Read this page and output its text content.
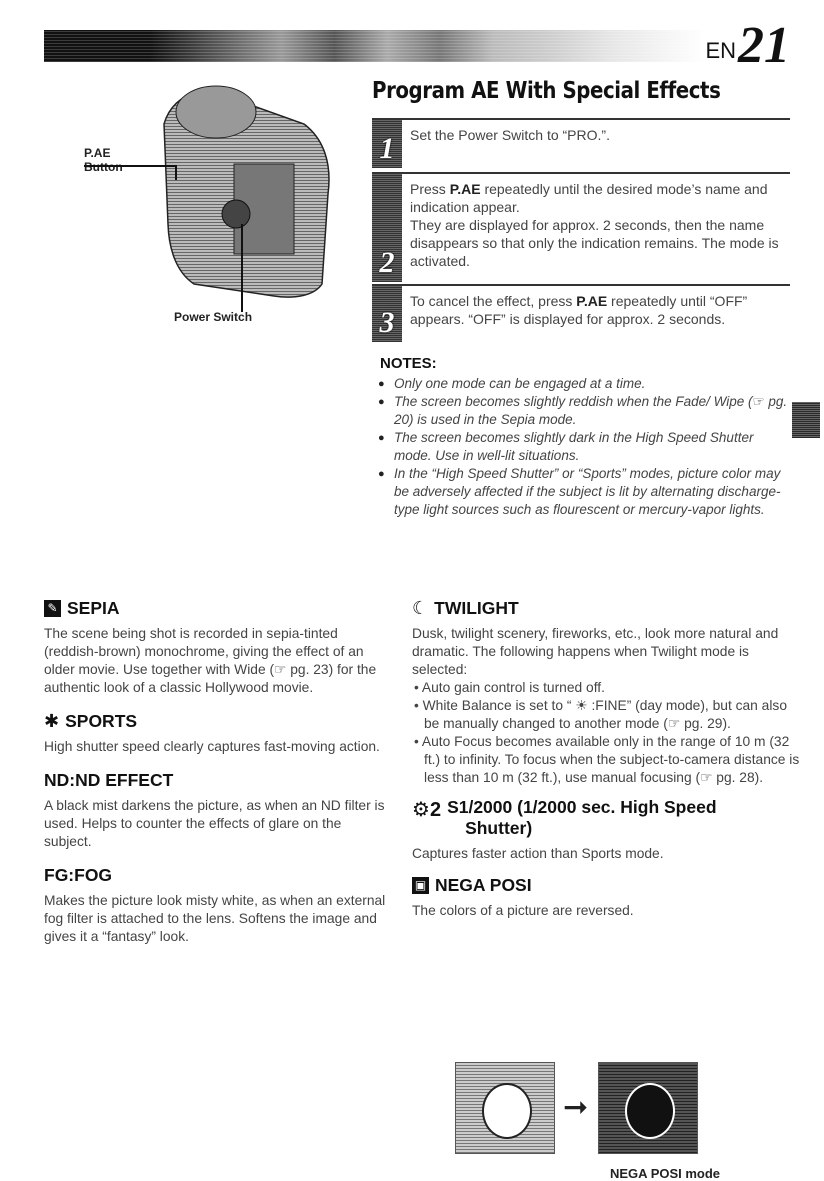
EN21
Program AE With Special Effects
P.AE
Button
Power Switch
1	Set the Power Switch to “PRO.”.
2
Press P.AE repeatedly until the desired mode’s name and indication appear.
They are displayed for approx. 2 seconds, then the name disappears so that only the indication remains. The mode is activated.
3
To cancel the effect, press P.AE repeatedly until “OFF” appears. “OFF” is displayed for approx. 2 seconds.
NOTES:

● Only one mode can be engaged at a time.

● The screen becomes slightly reddish when the Fade/ Wipe (☞ pg. 20) is used in the Sepia mode.

● The screen becomes slightly dark in the High Speed Shutter mode. Use in well-lit situations.

● In the “High Speed Shutter” or “Sports” modes, picture color may be adversely affected if the subject is lit by alternating discharge-type light sources such as flourescent or mercury-vapor lights.

✎ SEPIA
The scene being shot is recorded in sepia-tinted (reddish-brown) monochrome, giving the effect of an older movie. Use together with Wide (☞ pg. 23) for the authentic look of a classic Hollywood movie.
✱ SPORTS
High shutter speed clearly captures fast-moving action.
ND:ND EFFECT
A black mist darkens the picture, as when an ND filter is used. Helps to counter the effects of glare on the subject.
FG:FOG
Makes the picture look misty white, as when an external fog filter is attached to the lens. Softens the image and gives it a “fantasy” look.
☾ TWILIGHT
Dusk, twilight scenery, fireworks, etc., look more natural and dramatic. The following happens when Twilight mode is selected:

• Auto gain control is turned off.

• White Balance is set to “ ☀ :FINE” (day mode), but can also be manually changed to another mode (☞ pg. 29).

• Auto Focus becomes available only in the range of 10 m (32 ft.) to infinity. To focus when the subject-to-camera distance is less than 10 m (32 ft.), use manual focusing (☞ pg. 28).

⚙2 S1/2000 (1/2000 sec. High Speed
Shutter)
Captures faster action than Sports mode.
▣ NEGA POSI
The colors of a picture are reversed.
➞
NEGA POSI mode
